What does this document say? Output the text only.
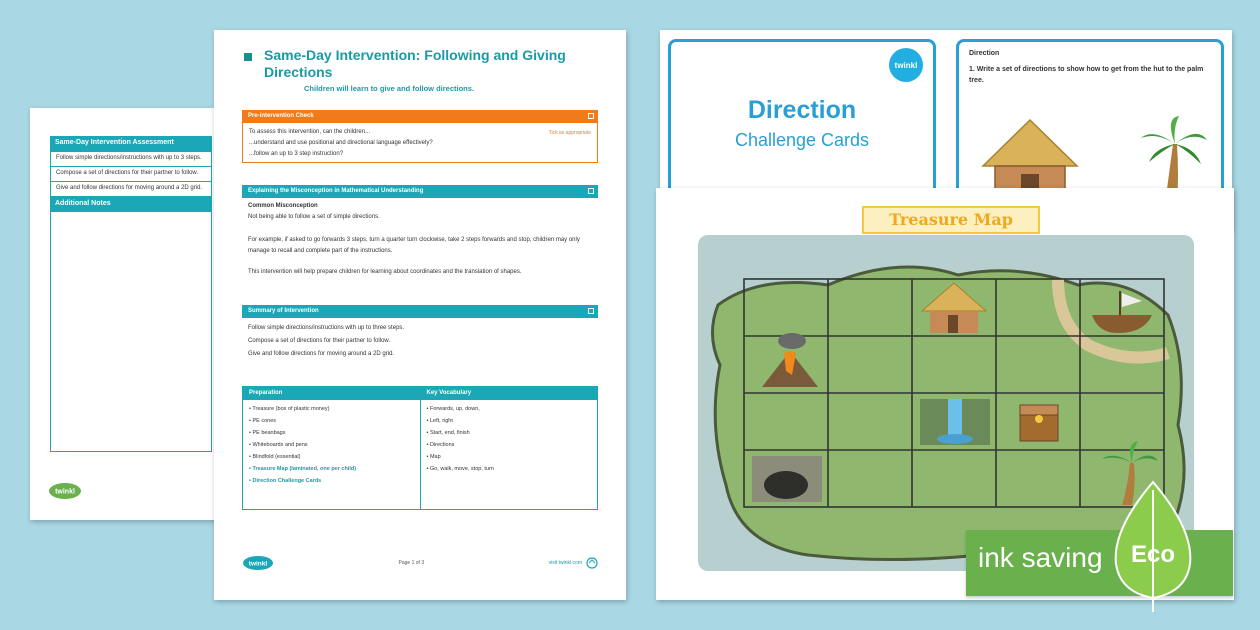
Same-Day Intervention Assessment
Follow simple directions/instructions with up to 3 steps.
Compose a set of directions for their partner to follow.
Give and follow directions for moving around a 2D grid.
Additional Notes
twinkl
Same-Day Intervention: Following and Giving Directions
Children will learn to give and follow directions.
Pre-intervention Check
Tick as appropriate
To assess this intervention, can the children...
...understand and use positional and directional language effectively?
...follow an up to 3 step instruction?
Explaining the Misconception in Mathematical Understanding
Common Misconception
Not being able to follow a set of simple directions.
For example, if asked to go forwards 3 steps, turn a quarter turn clockwise, take 2 steps forwards and stop, children may only manage to recall and complete part of the instructions.
This intervention will help prepare children for learning about coordinates and the translation of shapes.
Summary of Intervention
Follow simple directions/instructions with up to three steps.
Compose a set of directions for their partner to follow.
Give and follow directions for moving around a 2D grid.
Preparation
• Treasure (box of plastic money)
• PE cones
• PE beanbags
• Whiteboards and pens
• Blindfold (essential)
• Treasure Map (laminated, one per child)
• Direction Challenge Cards
Key Vocabulary
• Forwards, up, down,
• Left, right
• Start, end, finish
• Directions
• Map
• Go, walk, move, stop, turn
twinkl	Page 1 of 3	visit twinkl.com
twinkl
Direction
Challenge Cards
Direction
1. Write a set of directions to show how to get from the hut to the palm tree.
Treasure Map
ink saving Eco
